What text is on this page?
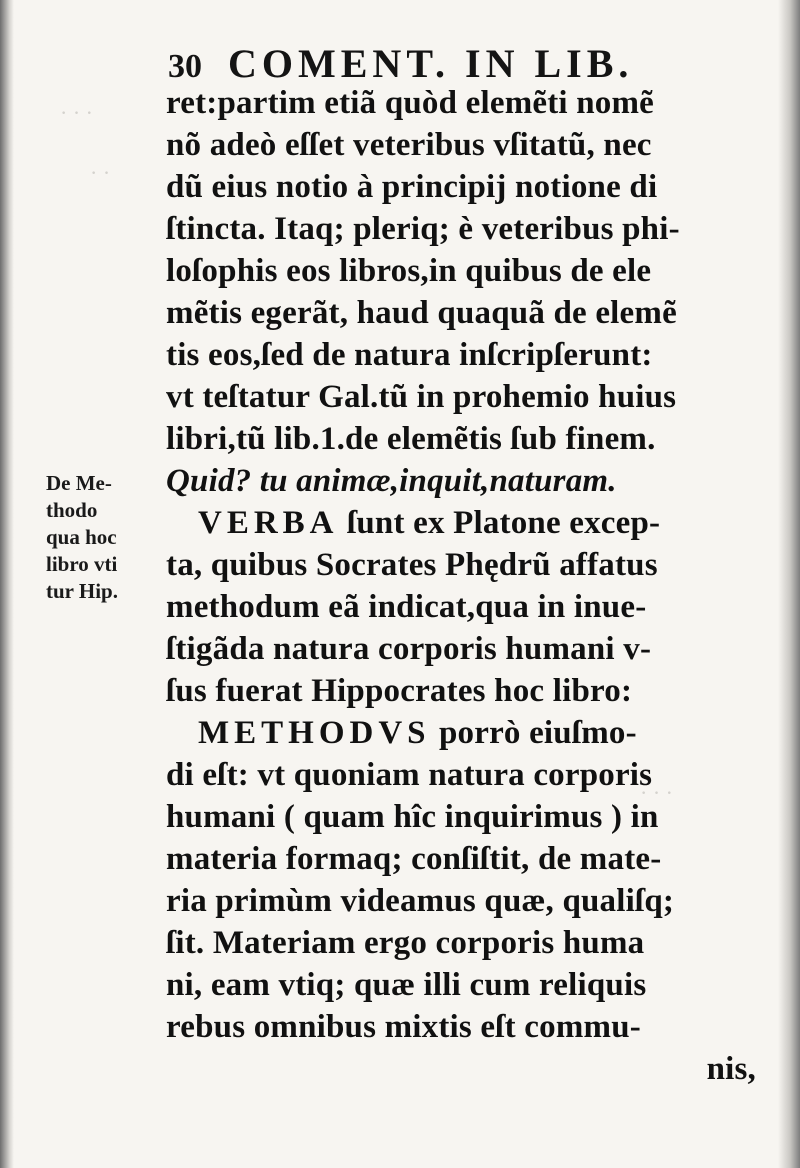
· · ·
· ·
· · ·
30 COMENT. IN LIB.
ret:partim etiã quòd elemẽti nomẽ
nõ adeò eſſet veteribus vſitatũ, nec
dũ eius notio à principij notione di
ſtincta. Itaq; pleriq; è veteribus phi-
loſophis eos libros,in quibus de ele
mẽtis egerãt, haud quaquã de elemẽ
tis eos,ſed de natura inſcripſerunt:
vt teſtatur Gal.tũ in prohemio huius
libri,tũ lib.1.de elemẽtis ſub finem.
Quid? tu animæ,inquit,naturam.
VERBA ſunt ex Platone excep-
ta, quibus Socrates Phędrũ affatus
methodum eã indicat,qua in inue-
ſtigãda natura corporis humani v-
ſus fuerat Hippocrates hoc libro:
METHODVS porrò eiuſmo-
di eſt: vt quoniam natura corporis
humani ( quam hîc inquirimus ) in
materia formaq; conſiſtit, de mate-
ria primùm videamus quæ, qualiſq;
ſit. Materiam ergo corporis huma
ni, eam vtiq; quæ illi cum reliquis
rebus omnibus mixtis eſt commu-
nis,
De Me-
thodo
qua hoc
libro vti
tur Hip.
